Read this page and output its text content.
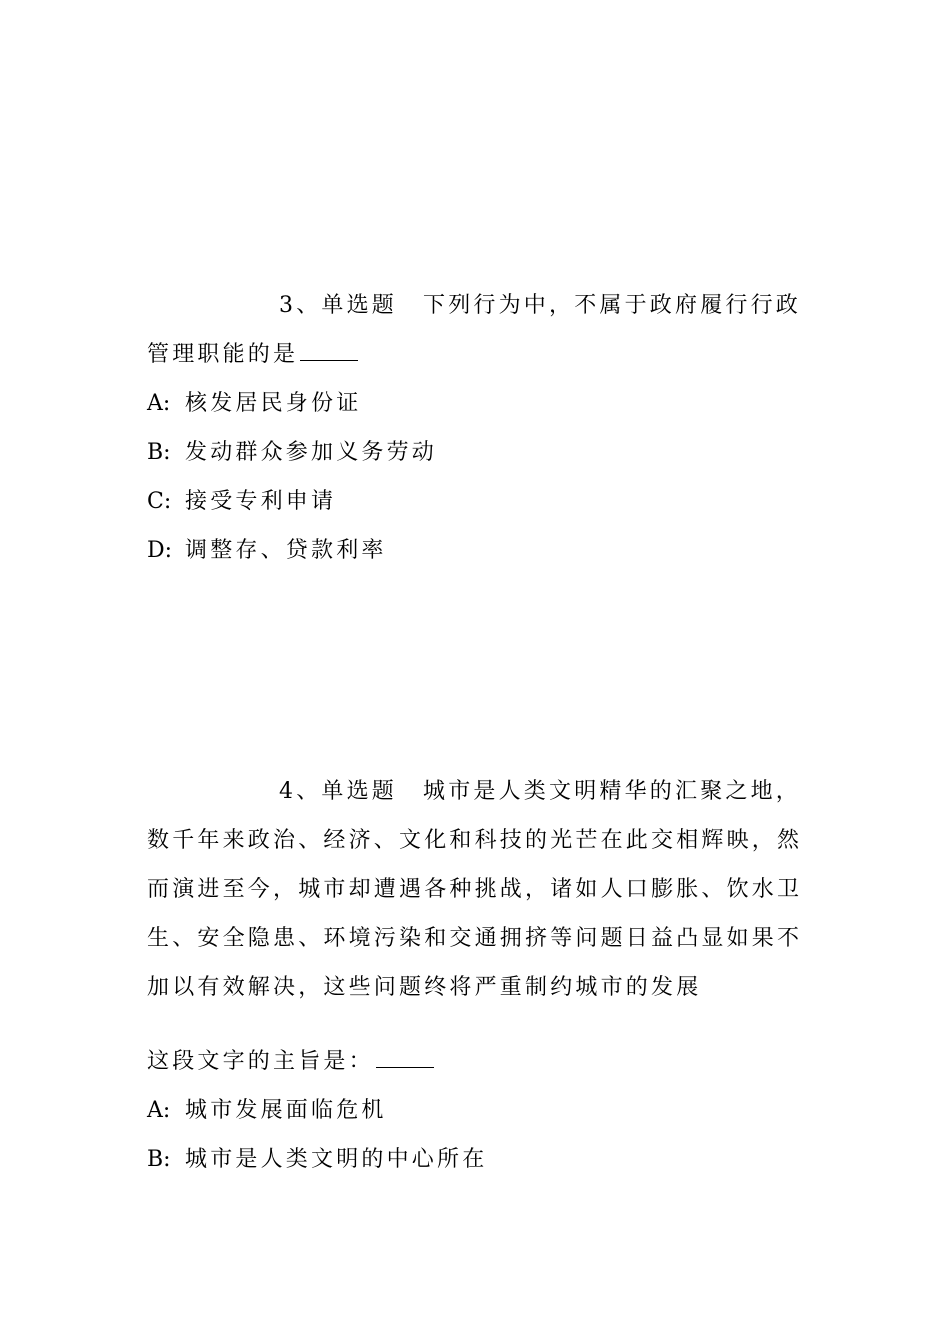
3、单选题 下列行为中，不属于政府履行行政

管理职能的是

A: 核发居民身份证

B: 发动群众参加义务劳动

C: 接受专利申请

D: 调整存、贷款利率

4、单选题 城市是人类文明精华的汇聚之地，数千年来政治、经济、文化和科技的光芒在此交相辉映，然而演进至今，城市却遭遇各种挑战，诸如人口膨胀、饮水卫生、安全隐患、环境污染和交通拥挤等问题日益凸显如果不加以有效解决，这些问题终将严重制约城市的发展

这段文字的主旨是：

A: 城市发展面临危机

B: 城市是人类文明的中心所在
